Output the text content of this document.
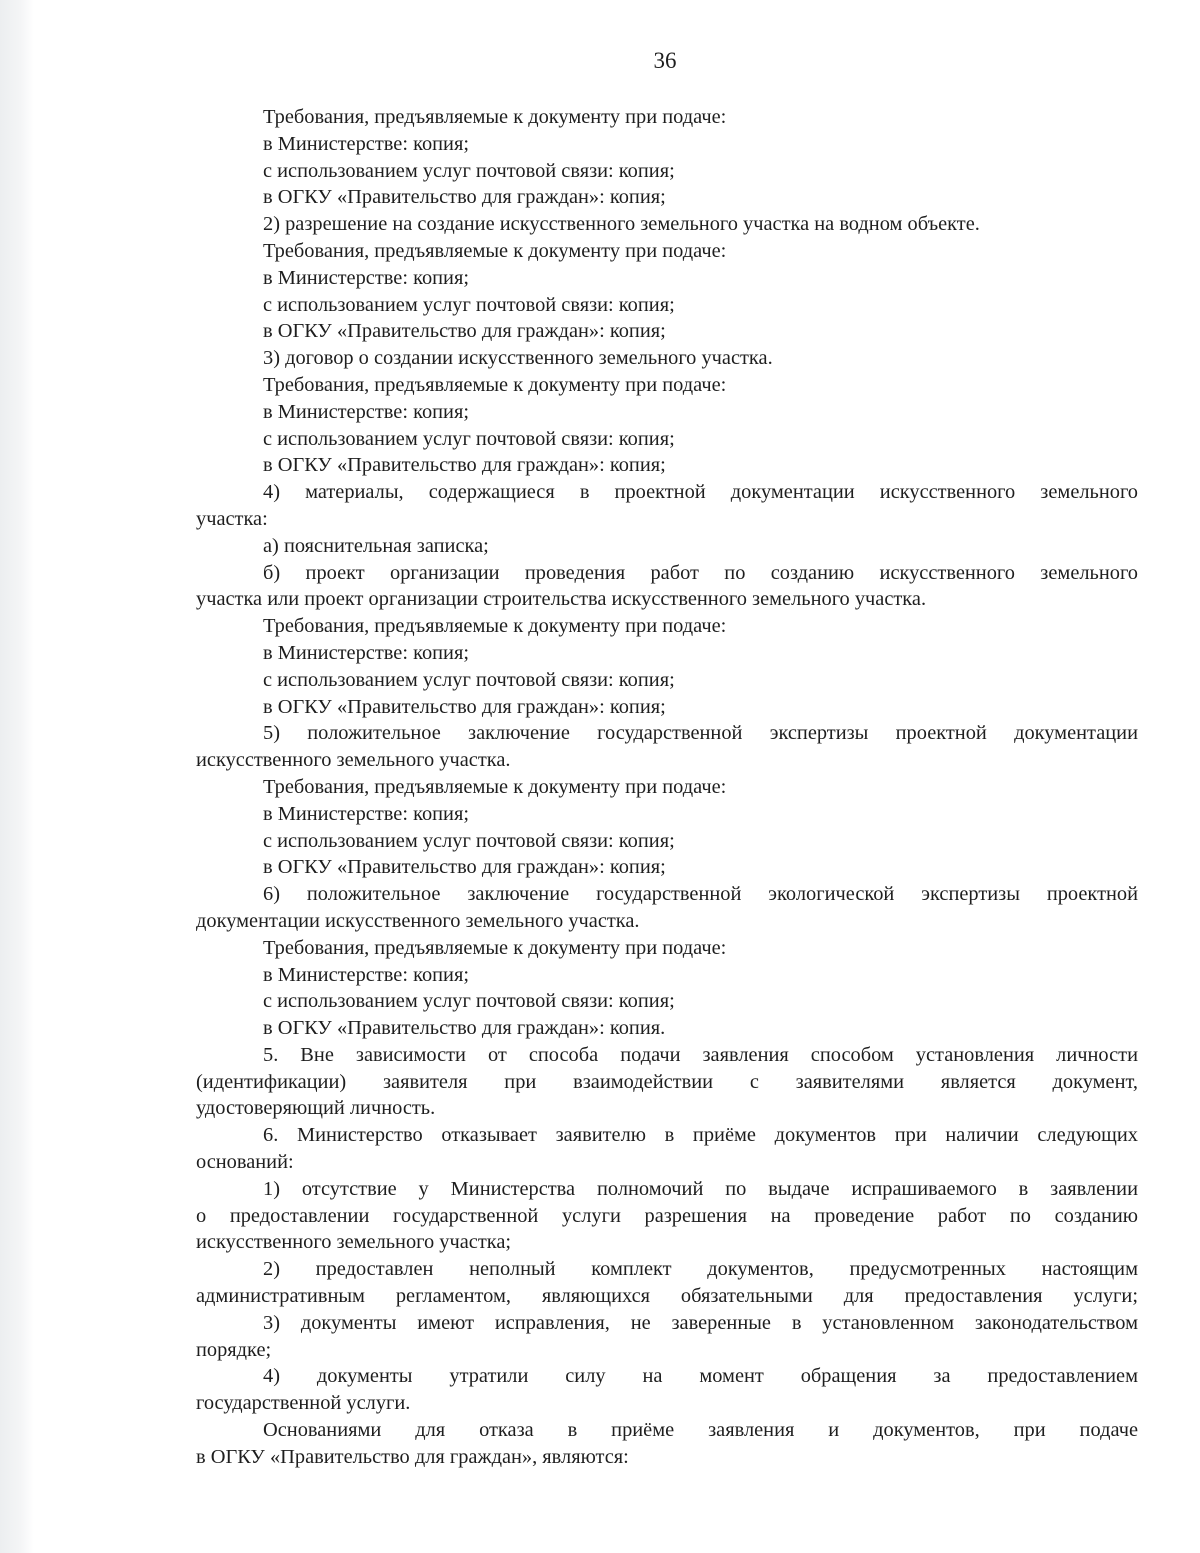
36
Требования, предъявляемые к документу при подаче:
в Министерстве: копия;
с использованием услуг почтовой связи: копия;
в ОГКУ «Правительство для граждан»: копия;
2) разрешение на создание искусственного земельного участка на водном объекте.
Требования, предъявляемые к документу при подаче:
в Министерстве: копия;
с использованием услуг почтовой связи: копия;
в ОГКУ «Правительство для граждан»: копия;
3) договор о создании искусственного земельного участка.
Требования, предъявляемые к документу при подаче:
в Министерстве: копия;
с использованием услуг почтовой связи: копия;
в ОГКУ «Правительство для граждан»: копия;
4) материалы, содержащиеся в проектной документации искусственного земельного
участка:
а) пояснительная записка;
б) проект организации проведения работ по созданию искусственного земельного
участка или проект организации строительства искусственного земельного участка.
Требования, предъявляемые к документу при подаче:
в Министерстве: копия;
с использованием услуг почтовой связи: копия;
в ОГКУ «Правительство для граждан»: копия;
5) положительное заключение государственной экспертизы проектной документации
искусственного земельного участка.
Требования, предъявляемые к документу при подаче:
в Министерстве: копия;
с использованием услуг почтовой связи: копия;
в ОГКУ «Правительство для граждан»: копия;
6) положительное заключение государственной экологической экспертизы проектной
документации искусственного земельного участка.
Требования, предъявляемые к документу при подаче:
в Министерстве: копия;
с использованием услуг почтовой связи: копия;
в ОГКУ «Правительство для граждан»: копия.
5. Вне зависимости от способа подачи заявления способом установления личности
(идентификации) заявителя при взаимодействии с заявителями является документ,
удостоверяющий личность.
6. Министерство отказывает заявителю в приёме документов при наличии следующих
оснований:
1) отсутствие у Министерства полномочий по выдаче испрашиваемого в заявлении
о предоставлении государственной услуги разрешения на проведение работ по созданию
искусственного земельного участка;
2) предоставлен неполный комплект документов, предусмотренных настоящим
административным регламентом, являющихся обязательными для предоставления услуги;
3) документы имеют исправления, не заверенные в установленном законодательством
порядке;
4) документы утратили силу на момент обращения за предоставлением
государственной услуги.
Основаниями для отказа в приёме заявления и документов, при подаче
в ОГКУ «Правительство для граждан», являются:
